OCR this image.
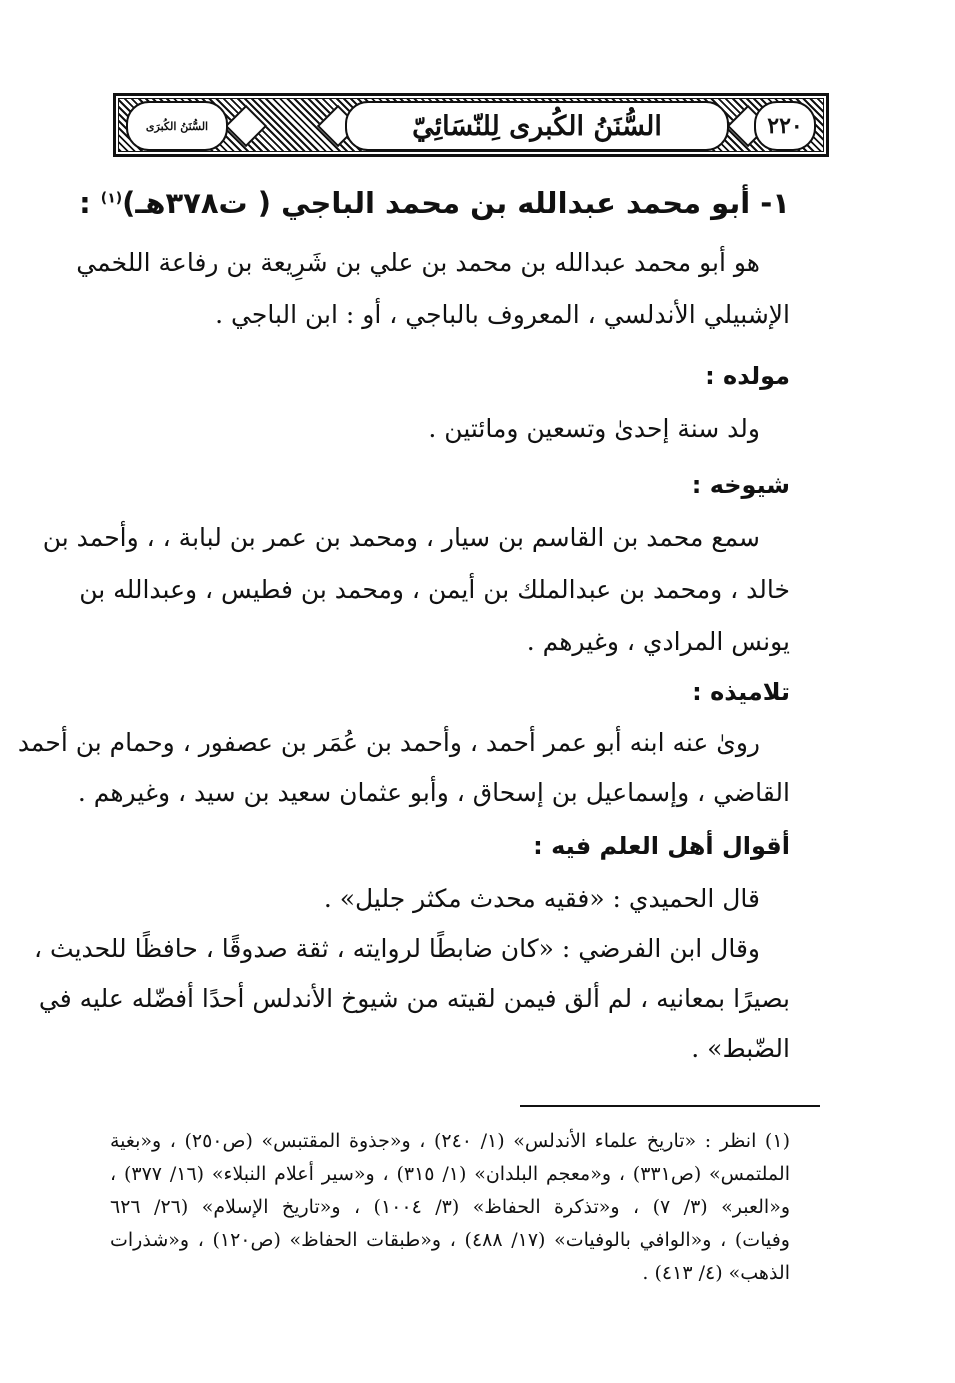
السُّنَنُ الكُبرَى	السُّنَنُ الكُبرى لِلنّسَائِيّ	٢٢٠
١- أبو محمد عبدالله بن محمد الباجي ( ت٣٧٨هـ)$^{(١)}$ :
هو أبو محمد عبدالله بن محمد بن علي بن شَرِيعة بن رفاعة اللخمي
الإشبيلي الأندلسي ، المعروف بالباجي ، أو : ابن الباجي .
مولده :
ولد سنة إحدىٰ وتسعين ومائتين .
شيوخه :
سمع محمد بن القاسم بن سيار ، ومحمد بن عمر بن لبابة ، ، وأحمد بن
خالد ، ومحمد بن عبدالملك بن أيمن ، ومحمد بن فطيس ، وعبدالله بن
يونس المرادي ، وغيرهم .
تلاميذه :
روىٰ عنه ابنه أبو عمر أحمد ، وأحمد بن عُمَر بن عصفور ، وحمام بن أحمد
القاضي ، وإسماعيل بن إسحاق ، وأبو عثمان سعيد بن سيد ، وغيرهم .
أقوال أهل العلم فيه :
قال الحميدي : «فقيه محدث مكثر جليل» .
وقال ابن الفرضي : «كان ضابطًا لروايته ، ثقة صدوقًا ، حافظًا للحديث ،
بصيرًا بمعانيه ، لم ألق فيمن لقيته من شيوخ الأندلس أحدًا أفضّله عليه في
الضّبط» .
(١) انظر : «تاريخ علماء الأندلس» (١/ ٢٤٠) ، و«جذوة المقتبس» (ص٢٥٠) ، و«بغية
الملتمس» (ص٣٣١) ، و«معجم البلدان» (١/ ٣١٥) ، و«سير أعلام النبلاء» (١٦/ ٣٧٧) ،
و«العبر» (٣/ ٧) ، و«تذكرة الحفاظ» (٣/ ١٠٠٤) ، و«تاريخ الإسلام» (٢٦/ ٦٢٦
وفيات) ، و«الوافي بالوفيات» (١٧/ ٤٨٨) ، و«طبقات الحفاظ» (ص١٢٠) ، و«شذرات
الذهب» (٤/ ٤١٣) .
